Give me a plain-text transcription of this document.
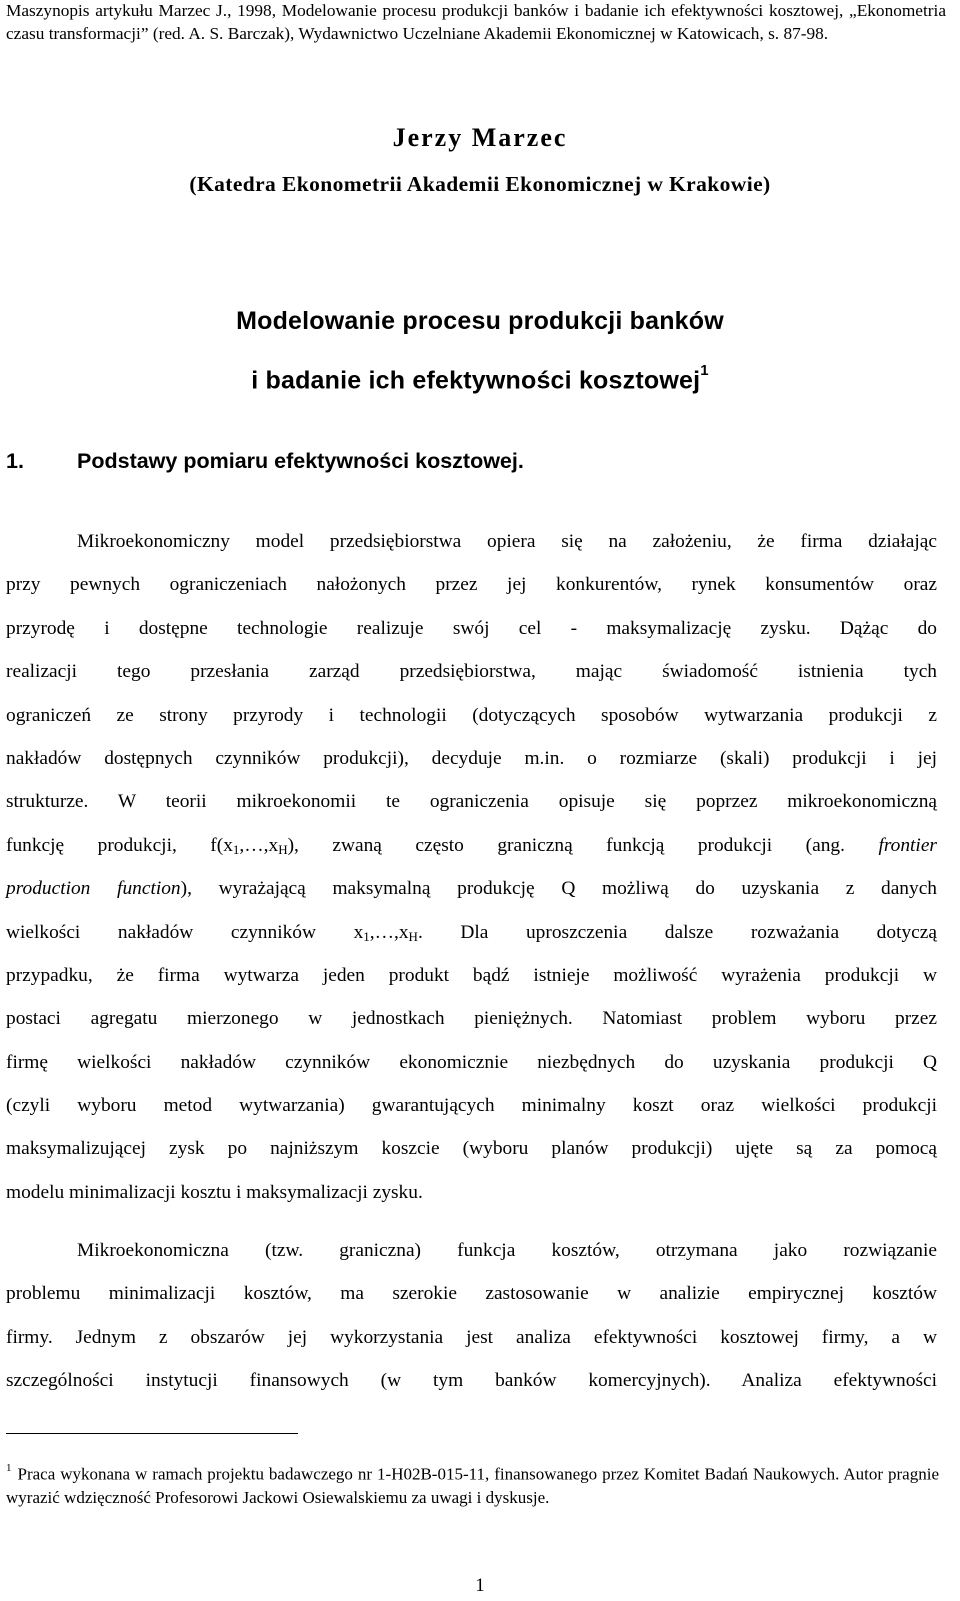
Maszynopis artykułu Marzec J., 1998, Modelowanie procesu produkcji banków i badanie ich efektywności kosztowej, „Ekonometria czasu transformacji” (red. A. S. Barczak), Wydawnictwo Uczelniane Akademii Ekonomicznej w Katowicach, s. 87-98.
Jerzy Marzec
(Katedra Ekonometrii Akademii Ekonomicznej w Krakowie)
Modelowanie procesu produkcji banków
i badanie ich efektywności kosztowej$^1$
1. Podstawy pomiaru efektywności kosztowej.
Mikroekonomiczny model przedsiębiorstwa opiera się na założeniu, że firma działając
przy pewnych ograniczeniach nałożonych przez jej konkurentów, rynek konsumentów oraz
przyrodę i dostępne technologie realizuje swój cel - maksymalizację zysku. Dążąc do
realizacji tego przesłania zarząd przedsiębiorstwa, mając świadomość istnienia tych
ograniczeń ze strony przyrody i technologii (dotyczących sposobów wytwarzania produkcji z
nakładów dostępnych czynników produkcji), decyduje m.in. o rozmiarze (skali) produkcji i jej
strukturze. W teorii mikroekonomii te ograniczenia opisuje się poprzez mikroekonomiczną
funkcję produkcji, $f(x_1,\dots,x_H)$, zwaną często graniczną funkcją produkcji (ang. frontier
production function), wyrażającą maksymalną produkcję Q możliwą do uzyskania z danych
wielkości nakładów czynników $x_1,\dots,x_H$. Dla uproszczenia dalsze rozważania dotyczą
przypadku, że firma wytwarza jeden produkt bądź istnieje możliwość wyrażenia produkcji w
postaci agregatu mierzonego w jednostkach pieniężnych. Natomiast problem wyboru przez
firmę wielkości nakładów czynników ekonomicznie niezbędnych do uzyskania produkcji Q
(czyli wyboru metod wytwarzania) gwarantujących minimalny koszt oraz wielkości produkcji
maksymalizującej zysk po najniższym koszcie (wyboru planów produkcji) ujęte są za pomocą
modelu minimalizacji kosztu i maksymalizacji zysku.
Mikroekonomiczna (tzw. graniczna) funkcja kosztów, otrzymana jako rozwiązanie
problemu minimalizacji kosztów, ma szerokie zastosowanie w analizie empirycznej kosztów
firmy. Jednym z obszarów jej wykorzystania jest analiza efektywności kosztowej firmy, a w
szczególności instytucji finansowych (w tym banków komercyjnych). Analiza efektywności
$^1$ Praca wykonana w ramach projektu badawczego nr 1-H02B-015-11, finansowanego przez Komitet Badań Naukowych. Autor pragnie wyrazić wdzięczność Profesorowi Jackowi Osiewalskiemu za uwagi i dyskusje.
1
